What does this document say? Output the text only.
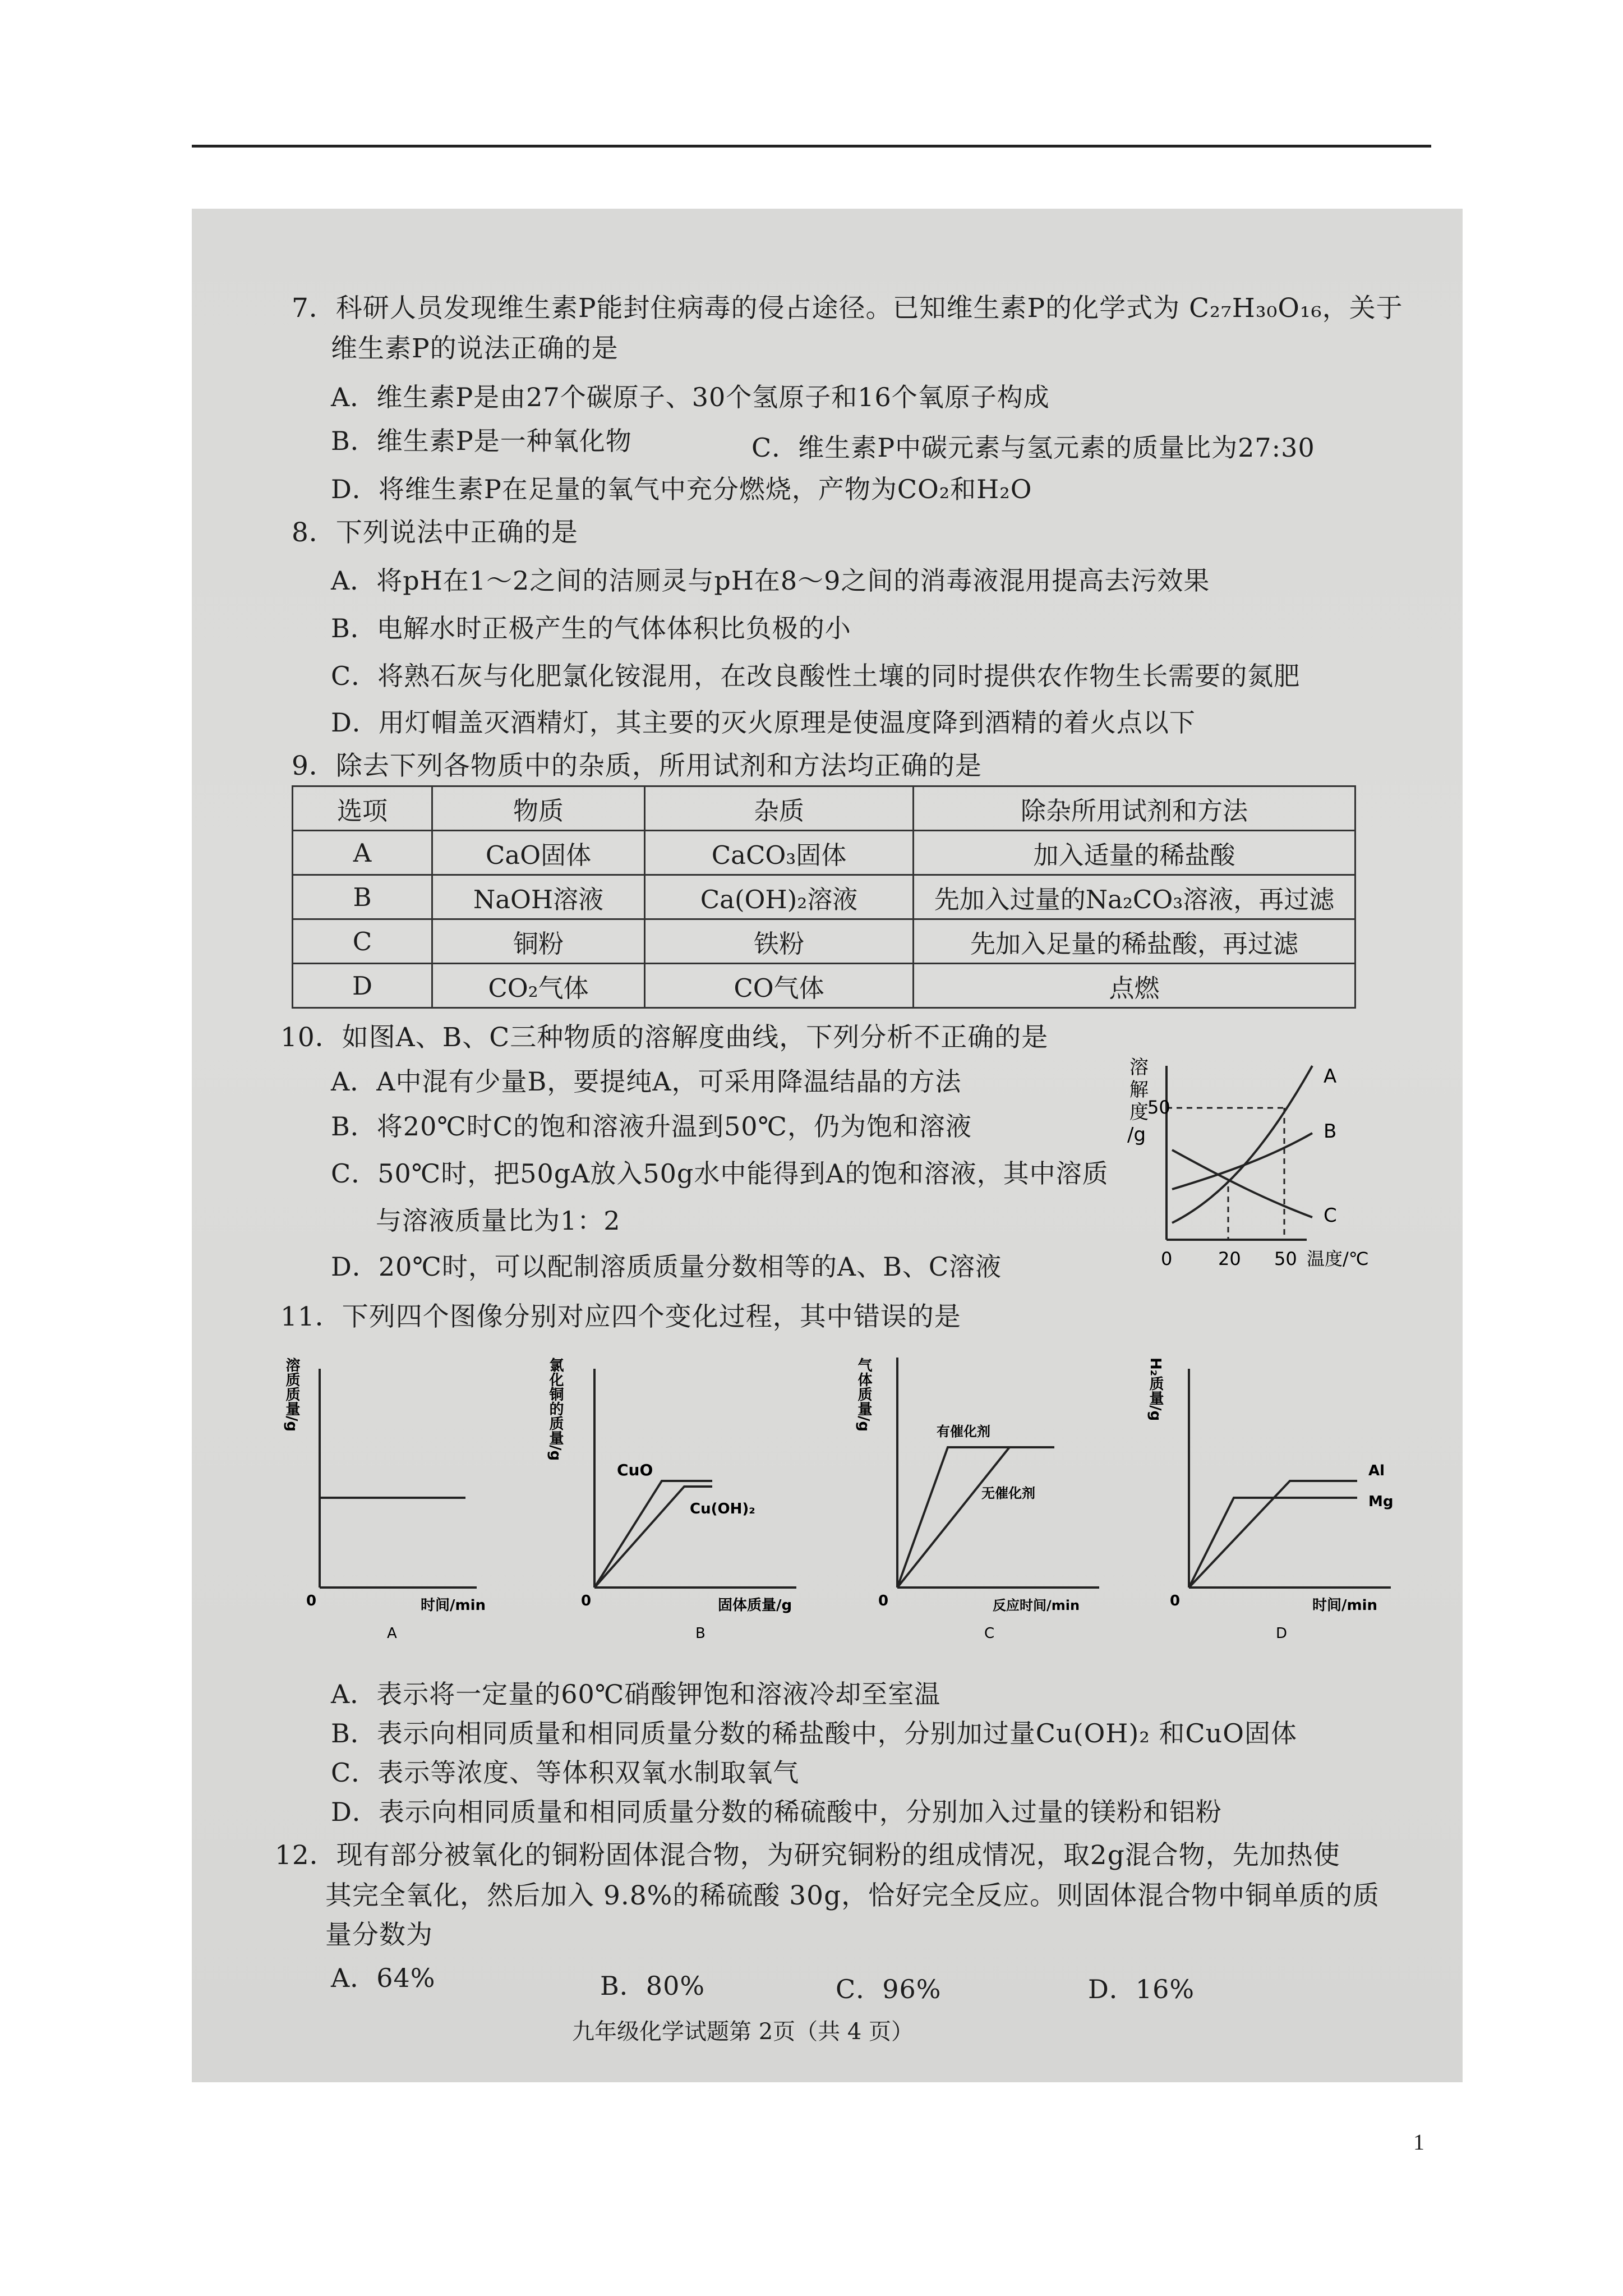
7．科研人员发现维生素P能封住病毒的侵占途径。已知维生素P的化学式为 C₂₇H₃₀O₁₆，关于
维生素P的说法正确的是
A．维生素P是由27个碳原子、30个氢原子和16个氧原子构成
B．维生素P是一种氧化物	C．维生素P中碳元素与氢元素的质量比为27:30
D．将维生素P在足量的氧气中充分燃烧，产物为CO₂和H₂O
8．下列说法中正确的是
A．将pH在1～2之间的洁厕灵与pH在8～9之间的消毒液混用提高去污效果
B．电解水时正极产生的气体体积比负极的小
C．将熟石灰与化肥氯化铵混用，在改良酸性土壤的同时提供农作物生长需要的氮肥
D．用灯帽盖灭酒精灯，其主要的灭火原理是使温度降到酒精的着火点以下
9．除去下列各物质中的杂质，所用试剂和方法均正确的是
选项	物质	杂质	除杂所用试剂和方法
A	CaO固体	CaCO₃固体	加入适量的稀盐酸
B	NaOH溶液	Ca(OH)₂溶液	先加入过量的Na₂CO₃溶液，再过滤
C	铜粉	铁粉	先加入足量的稀盐酸，再过滤
D	CO₂气体	CO气体	点燃
10．如图A、B、C三种物质的溶解度曲线，下列分析不正确的是
A．A中混有少量B，要提纯A，可采用降温结晶的方法
B．将20℃时C的饱和溶液升温到50℃，仍为饱和溶液
C．50℃时，把50gA放入50g水中能得到A的饱和溶液，其中溶质
与溶液质量比为1：2
D．20℃时，可以配制溶质质量分数相等的A、B、C溶液
溶
解
度
/g
50
0	20 50 温度/℃
A
B
C
11．下列四个图像分别对应四个变化过程，其中错误的是
溶质质量/g
0	时间/min
A
氯化铜的质量/g
CuO
Cu(OH)₂
0	固体质量/g
B
气体质量/g	有催化剂
无催化剂
0	反应时间/min
C
H₂质量/g
Al
Mg
0	时间/min
D
A．表示将一定量的60℃硝酸钾饱和溶液冷却至室温
B．表示向相同质量和相同质量分数的稀盐酸中，分别加过量Cu(OH)₂ 和CuO固体
C．表示等浓度、等体积双氧水制取氧气
D．表示向相同质量和相同质量分数的稀硫酸中，分别加入过量的镁粉和铝粉
12．现有部分被氧化的铜粉固体混合物，为研究铜粉的组成情况，取2g混合物，先加热使
其完全氧化，然后加入 9.8%的稀硫酸 30g，恰好完全反应。则固体混合物中铜单质的质
量分数为
A．64%	B．80%	C．96%	D．16%
九年级化学试题第 2页（共 4 页）
1
